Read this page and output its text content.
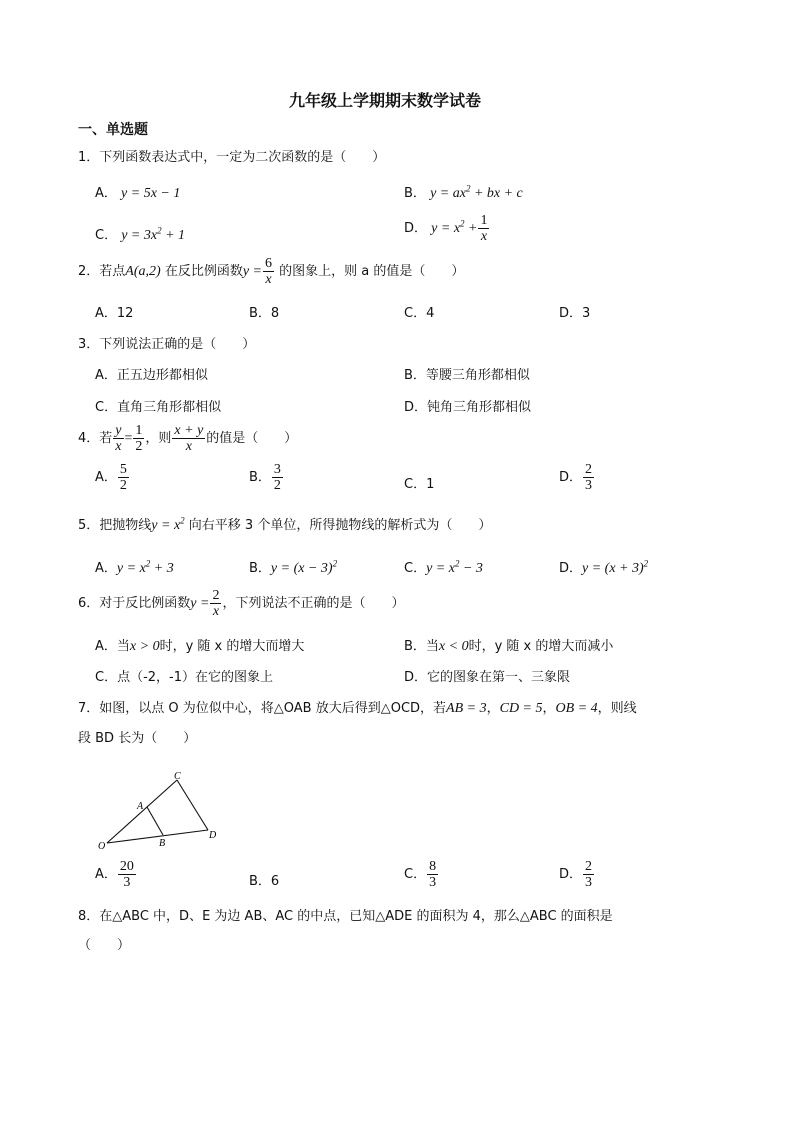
九年级上学期期末数学试卷
一、单选题
1．下列函数表达式中，一定为二次函数的是（　　）
A． y = 5x − 1	B． $y = ax^2$ + bx + c
C． $y = 3x^2 + 1$	D． $y = x^2 + \frac{1}{x}$
2．若点A(a,2) 在反比例函数$y = \frac{6}{x}$ 的图象上，则 a 的值是（　　）
A．12	B．8	C．4	D．3
3．下列说法正确的是（　　）
A．正五边形都相似	B．等腰三角形都相似
C．直角三角形都相似	D．钝角三角形都相似
4．若 $\frac{y}{x} = \frac{1}{2}$ ，则 $\frac{x + y}{x}$ 的值是（　　）
A． $\frac{5}{2}$	B． $\frac{3}{2}$	C．1	D． $\frac{2}{3}$
5．把抛物线$y = x^2$ 向右平移 3 个单位，所得抛物线的解析式为（　　）
A．$y = x^2 + 3$	B．$y = (x - 3)^2$	C．$y = x^2 - 3$	D．$y = (x + 3)^2$
6．对于反比例函数$y = \frac{2}{x}$ ，下列说法不正确的是（　　）
A．当x > 0时，y 随 x 的增大而增大	B．当x < 0时，y 随 x 的增大而减小
C．点（-2，-1）在它的图象上	D．它的图象在第一、三象限
7．如图，以点 O 为位似中心，将△OAB 放大后得到△OCD，若AB = 3，CD = 5，OB = 4，则线
段 BD 长为（　　）
C
A
O	B
D
A． $\frac{20}{3}$	B．6	C． $\frac{8}{3}$	D． $\frac{2}{3}$
8．在△ABC 中，D、E 为边 AB、AC 的中点，已知△ADE 的面积为 4，那么△ABC 的面积是
（　　）
